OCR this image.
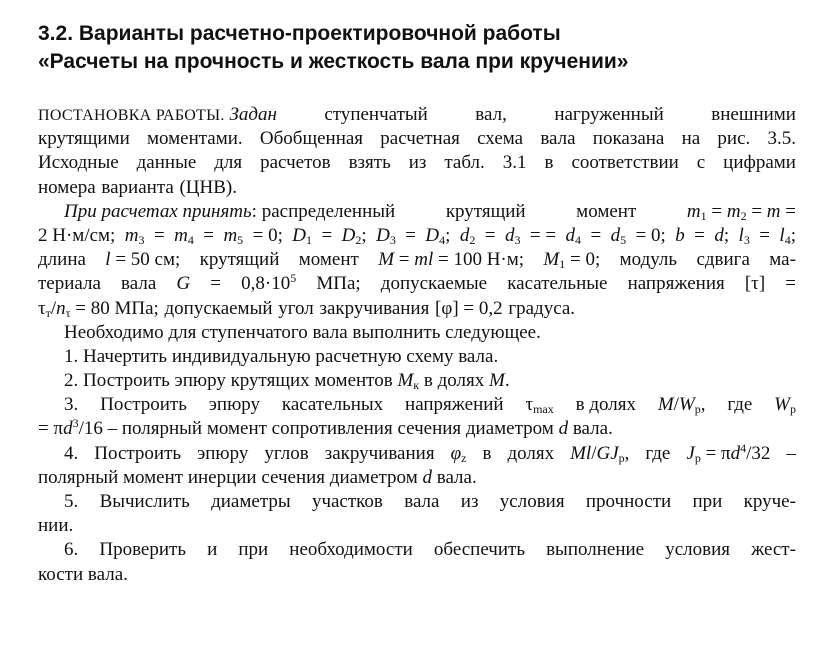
3.2. Варианты расчетно-проектировочной работы
«Расчеты на прочность и жесткость вала при кручении»
ПОСТАНОВКА РАБОТЫ. Задан ступенчатый вал, нагруженный внешними
крутящими моментами. Обобщенная расчетная схема вала показана на рис. 3.5.
Исходные данные для расчетов взять из табл. 3.1 в соответствии с цифрами
номера варианта (ЦНВ).
При расчетах принять: распределенный	крутящий	момент	$m_1 = m_2 = m$ =
2 Н·м/см; $m_3 = m_4 = m_5 = 0$; $D_1 = D_2$; $D_3 = D_4$; $d_2 = d_3$ = = $d_4 = d_5 = 0$; b = d; $l_3 = l_4$;
длина l = 50 см; крутящий момент M = ml = 100 Н·м; $M_1 = 0$; модуль сдвига ма-
териала вала $G = 0,8\cdot 10^5$ МПа; допускаемые касательные напряжения [τ] =
$\tau_т/n_\tau = 80$ МПа; допускаемый угол закручивания [φ] = 0,2 градуса.
Необходимо для ступенчатого вала выполнить следующее.
1. Начертить индивидуальную расчетную схему вала.
2. Построить эпюру крутящих моментов $M_к$ в долях M.
3. Построить эпюру касательных напряжений $\tau_{max}$ в долях $M/W_p$, где $W_p$
= $\pi d^3/16$ – полярный момент сопротивления сечения диаметром d вала.
4. Построить эпюру углов закручивания $\varphi_z$ в долях $Ml/GJ_p$, где $J_p = \pi d^4/32$ –
полярный момент инерции сечения диаметром d вала.
5. Вычислить диаметры участков вала из условия прочности при круче-
нии.
6. Проверить и при необходимости обеспечить выполнение условия жест-
кости вала.
